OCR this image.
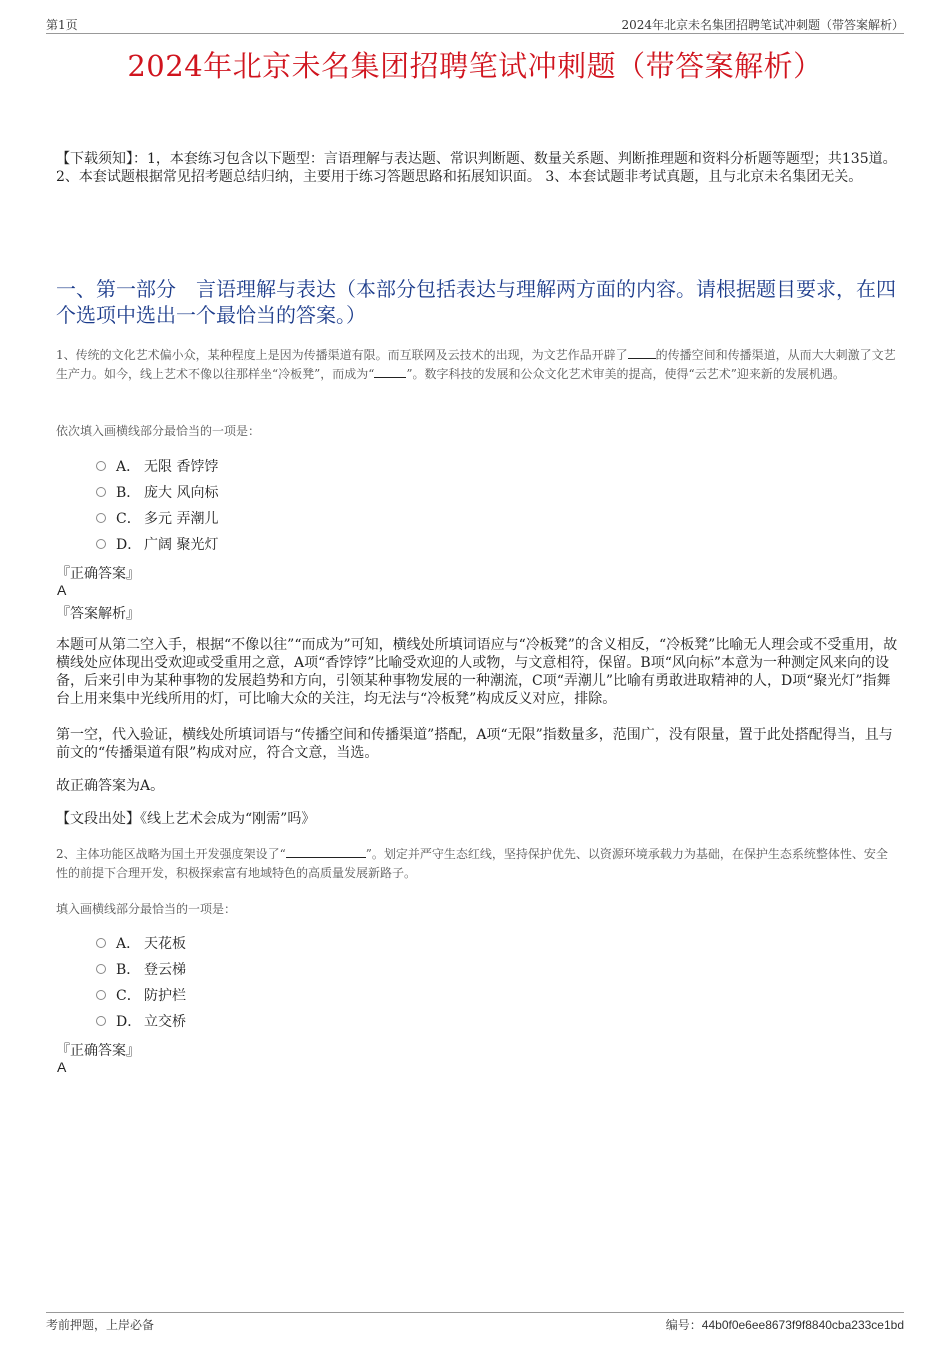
第1页	2024年北京未名集团招聘笔试冲刺题（带答案解析）
2024年北京未名集团招聘笔试冲刺题（带答案解析）
【下载须知】：1，本套练习包含以下题型：言语理解与表达题、常识判断题、数量关系题、判断推理题和资料分析题等题型；共135道。 2、本套试题根据常见招考题总结归纳，主要用于练习答题思路和拓展知识面。 3、本套试题非考试真题，且与北京未名集团无关。
一、第一部分　言语理解与表达（本部分包括表达与理解两方面的内容。请根据题目要求，在四个选项中选出一个最恰当的答案。）
1、传统的文化艺术偏小众，某种程度上是因为传播渠道有限。而互联网及云技术的出现，为文艺作品开辟了 的传播空间和传播渠道，从而大大刺激了文艺生产力。如今，线上艺术不像以往那样坐“冷板凳”，而成为“	”。数字科技的发展和公众文化艺术审美的提高，使得“云艺术”迎来新的发展机遇。
依次填入画横线部分最恰当的一项是：
A． 无限 香饽饽
B． 庞大 风向标
C． 多元 弄潮儿
D． 广阔 聚光灯
『正确答案』
A
『答案解析』
本题可从第二空入手，根据“不像以往”“而成为”可知，横线处所填词语应与“冷板凳”的含义相反，“冷板凳”比喻无人理会或不受重用，故横线处应体现出受欢迎或受重用之意，A项“香饽饽”比喻受欢迎的人或物，与文意相符，保留。B项“风向标”本意为一种测定风来向的设备，后来引申为某种事物的发展趋势和方向，引领某种事物发展的一种潮流，C项“弄潮儿”比喻有勇敢进取精神的人，D项“聚光灯”指舞台上用来集中光线所用的灯，可比喻大众的关注，均无法与“冷板凳”构成反义对应，排除。
第一空，代入验证，横线处所填词语与“传播空间和传播渠道”搭配，A项“无限”指数量多，范围广，没有限量，置于此处搭配得当，且与前文的“传播渠道有限”构成对应，符合文意，当选。
故正确答案为A。
【文段出处】《线上艺术会成为“刚需”吗》
2、主体功能区战略为国土开发强度架设了“	”。划定并严守生态红线，坚持保护优先、以资源环境承载力为基础，在保护生态系统整体性、安全性的前提下合理开发，积极探索富有地域特色的高质量发展新路子。
填入画横线部分最恰当的一项是：
A． 天花板
B． 登云梯
C． 防护栏
D． 立交桥
『正确答案』
A
考前押题，上岸必备	编号：44b0f0e6ee8673f9f8840cba233ce1bd
